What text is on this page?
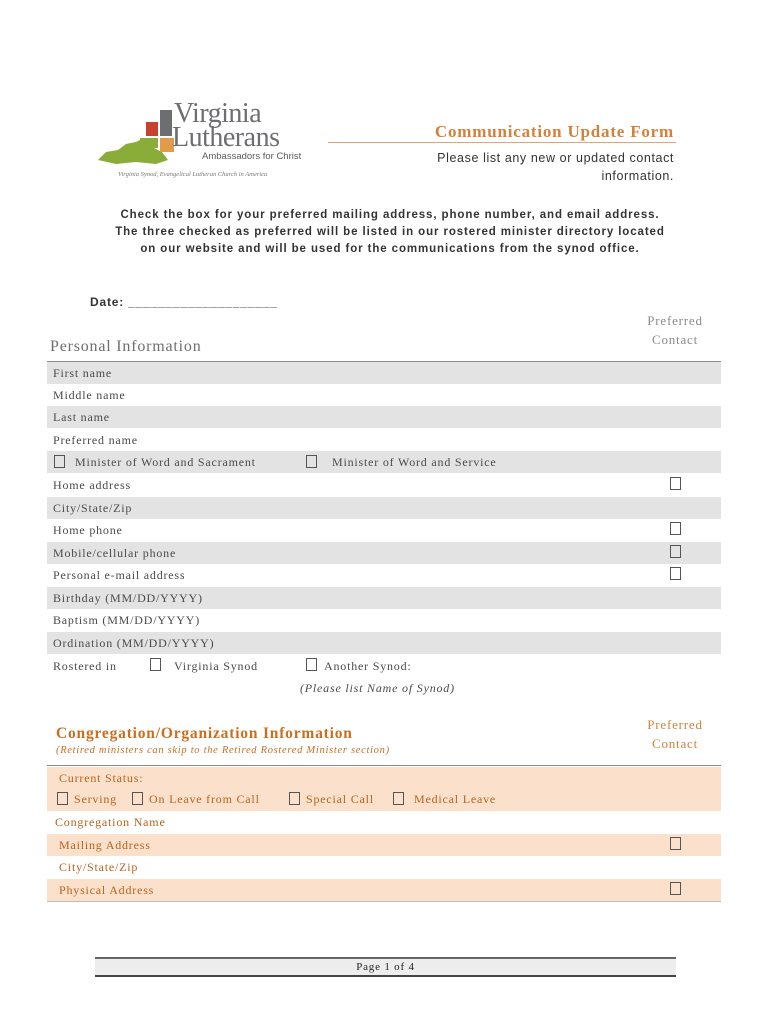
Virginia
Lutherans
Ambassadors for Christ
Virginia Synod, Evangelical Lutheran Church in America
Communication Update Form
Please list any new or updated contact
information.
Check the box for your preferred mailing address, phone number, and email address.
The three checked as preferred will be listed in our rostered minister directory located
on our website and will be used for the communications from the synod office.
Date: ____________________
Preferred
Contact
Personal Information
First name
Middle name
Last name
Preferred name
Minister of Word and Sacrament	Minister of Word and Service
Home address
City/State/Zip
Home phone
Mobile/cellular phone
Personal e-mail address
Birthday (MM/DD/YYYY)
Baptism (MM/DD/YYYY)
Ordination (MM/DD/YYYY)
Rostered in	Virginia Synod	Another Synod:
(Please list Name of Synod)
Preferred
Contact
Congregation/Organization Information
(Retired ministers can skip to the Retired Rostered Minister section)
Current Status:
Serving	On Leave from Call	Special Call	Medical Leave
Congregation Name
Mailing Address
City/State/Zip
Physical Address
Page 1 of 4
